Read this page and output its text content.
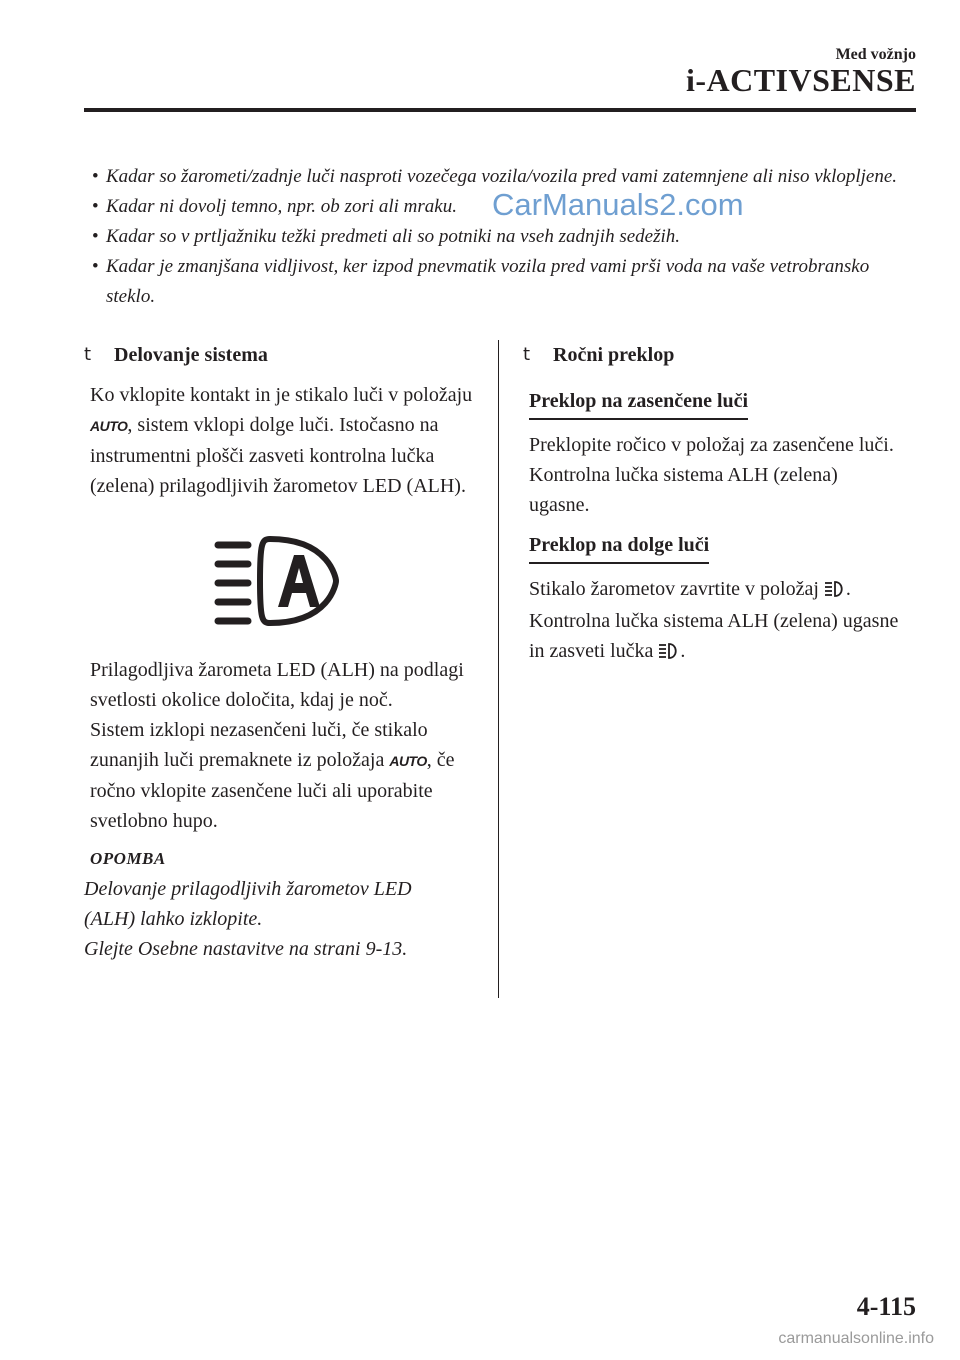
Med vožnjo
i-ACTIVSENSE
CarManuals2.com
• Kadar so žarometi/zadnje luči nasproti vozečega vozila/vozila pred vami zatemnjene ali niso vklopljene.
• Kadar ni dovolj temno, npr. ob zori ali mraku.
• Kadar so v prtljažniku težki predmeti ali so potniki na vseh zadnjih sedežih.
• Kadar je zmanjšana vidljivost, ker izpod pnevmatik vozila pred vami prši voda na vaše vetrobransko steklo.
t Delovanje sistema

Ko vklopite kontakt in je stikalo luči v položaju AUTO, sistem vklopi dolge luči. Istočasno na instrumentni plošči zasveti kontrolna lučka (zelena) prilagodljivih žarometov LED (ALH).

Prilagodljiva žarometa LED (ALH) na podlagi svetlosti okolice določita, kdaj je noč.

Sistem izklopi nezasenčeni luči, če stikalo zunanjih luči premaknete iz položaja AUTO, če ročno vklopite zasenčene luči ali uporabite svetlobno hupo.

OPOMBA

Delovanje prilagodljivih žarometov LED

(ALH) lahko izklopite.

Glejte Osebne nastavitve na strani 9-13.

t Ročni preklop
Preklop na zasenčene luči

Preklopite ročico v položaj za zasenčene luči.

Kontrolna lučka sistema ALH (zelena) ugasne.

Preklop na dolge luči

Stikalo žarometov zavrtite v položaj .

Kontrolna lučka sistema ALH (zelena) ugasne in zasveti lučka .

4-115
carmanualsonline.info
